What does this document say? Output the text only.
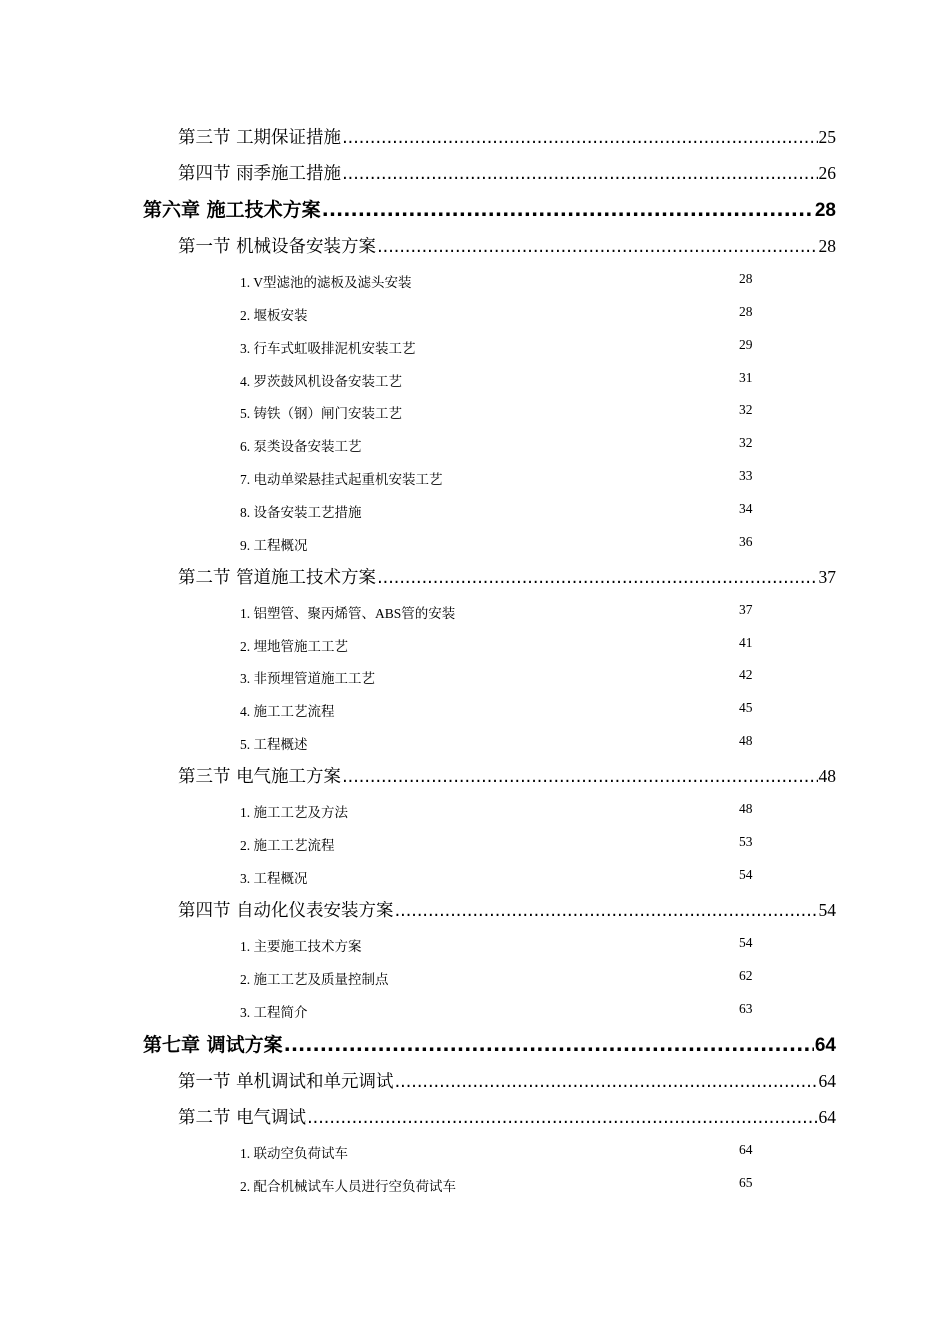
第三节 工期保证措施 .....	25
第四节 雨季施工措施 .....	26
第六章 施工技术方案 .....	28
第一节 机械设备安装方案 .....	28
1. V型滤池的滤板及滤头安装	28
2. 堰板安装	28
3. 行车式虹吸排泥机安装工艺	29
4. 罗茨鼓风机设备安装工艺	31
5. 铸铁（钢）闸门安装工艺	32
6. 泵类设备安装工艺	32
7. 电动单梁悬挂式起重机安装工艺	33
8. 设备安装工艺措施	34
9. 工程概况	36
第二节 管道施工技术方案 .....	37
1. 铝塑管、聚丙烯管、ABS管的安装	37
2. 埋地管施工工艺	41
3. 非预埋管道施工工艺	42
4. 施工工艺流程	45
5. 工程概述	48
第三节 电气施工方案 .....	48
1. 施工工艺及方法	48
2. 施工工艺流程	53
3. 工程概况	54
第四节 自动化仪表安装方案 .....	54
1. 主要施工技术方案	54
2. 施工工艺及质量控制点	62
3. 工程简介	63
第七章 调试方案 .....	64
第一节 单机调试和单元调试 .....	64
第二节 电气调试 .....	64
1. 联动空负荷试车	64
2. 配合机械试车人员进行空负荷试车	65
